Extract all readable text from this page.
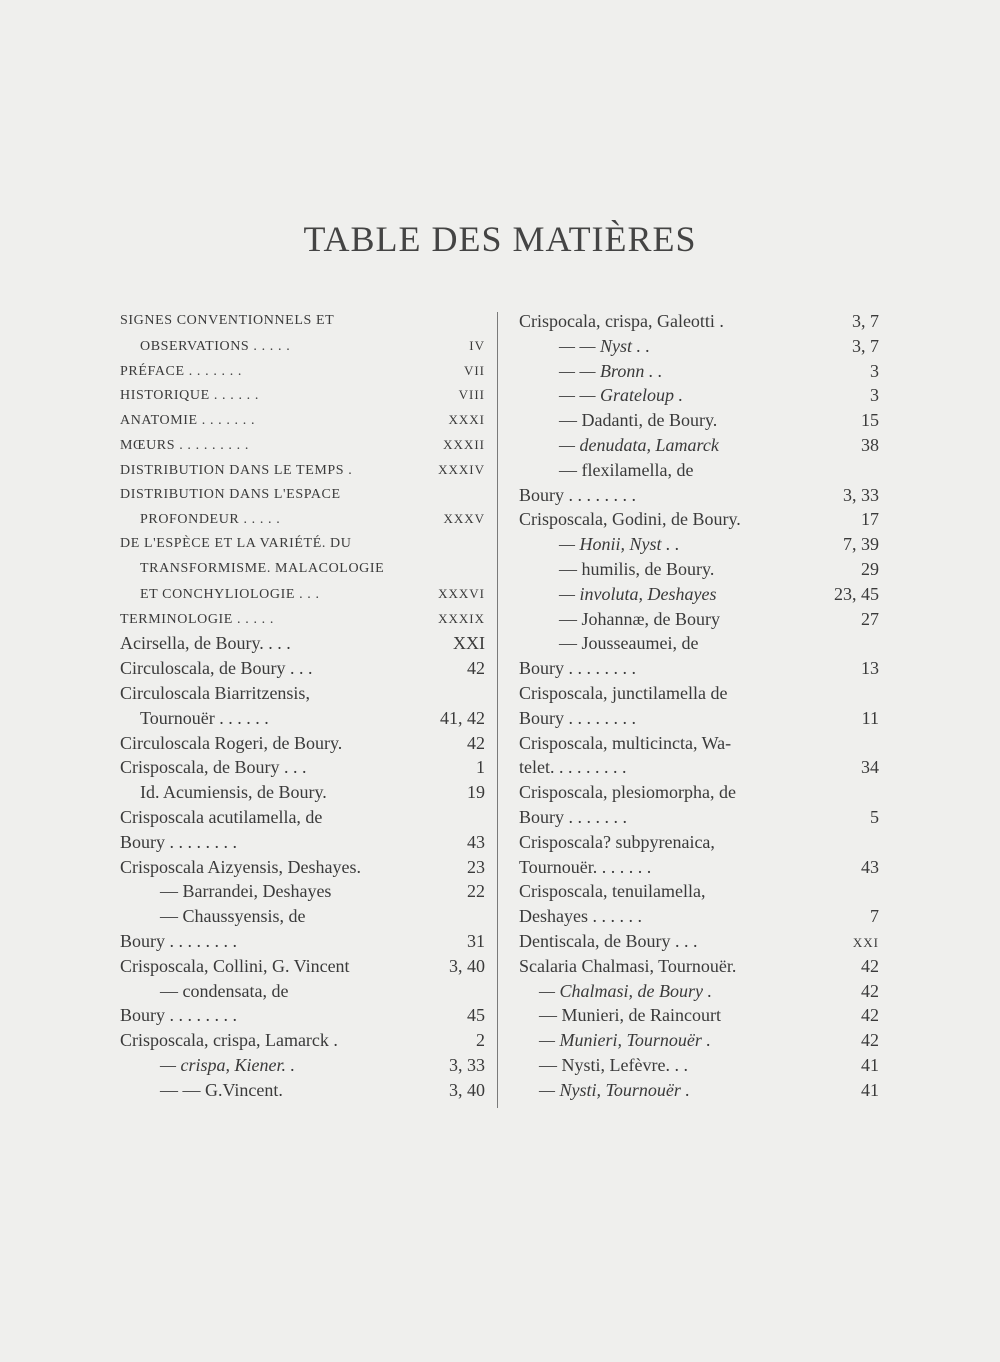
TABLE DES MATIÈRES
SIGNES CONVENTIONNELS ET
OBSERVATIONS . . . . .	IV
PRÉFACE . . . . . . .	VII
HISTORIQUE . . . . . .	VIII
ANATOMIE . . . . . . .	XXXI
MŒURS . . . . . . . . .	XXXII
DISTRIBUTION DANS LE TEMPS .	XXXIV
DISTRIBUTION DANS L'ESPACE
PROFONDEUR . . . . .	XXXV
DE L'ESPÈCE ET LA VARIÉTÉ. DU
TRANSFORMISME. MALACOLOGIE
ET CONCHYLIOLOGIE . . .	XXXVI
TERMINOLOGIE . . . . .	XXXIX
Acirsella, de Boury. . . .	XXI
Circuloscala, de Boury . . .	42
Circuloscala Biarritzensis,
Tournouër . . . . . .	41, 42
Circuloscala Rogeri, de Boury.	42
Crisposcala, de Boury . . .	1
Id. Acumiensis, de Boury.	19
Crisposcala acutilamella, de
Boury . . . . . . . .	43
Crisposcala Aizyensis, Deshayes.	23
— Barrandei, Deshayes	22
— Chaussyensis, de
Boury . . . . . . . .	31
Crisposcala, Collini, G. Vincent	3, 40
— condensata, de
Boury . . . . . . . .	45
Crisposcala, crispa, Lamarck .	2
— crispa, Kiener. .	3, 33
— — G.Vincent.	3, 40
Crispocala, crispa, Galeotti .	3, 7
— — Nyst . .	3, 7
— — Bronn . .	3
— — Grateloup .	3
— Dadanti, de Boury.	15
— denudata, Lamarck	38
— flexilamella, de
Boury . . . . . . . .	3, 33
Crisposcala, Godini, de Boury.	17
— Honii, Nyst . .	7, 39
— humilis, de Boury.	29
— involuta, Deshayes	23, 45
— Johannæ, de Boury	27
— Jousseaumei, de
Boury . . . . . . . .	13
Crisposcala, junctilamella de
Boury . . . . . . . .	11
Crisposcala, multicincta, Wa-
telet. . . . . . . . .	34
Crisposcala, plesiomorpha, de
Boury . . . . . . .	5
Crisposcala? subpyrenaica,
Tournouër. . . . . . .	43
Crisposcala, tenuilamella,
Deshayes . . . . . .	7
Dentiscala, de Boury . . .	XXI
Scalaria Chalmasi, Tournouër.	42
— Chalmasi, de Boury .	42
— Munieri, de Raincourt	42
— Munieri, Tournouër .	42
— Nysti, Lefèvre. . .	41
— Nysti, Tournouër .	41
